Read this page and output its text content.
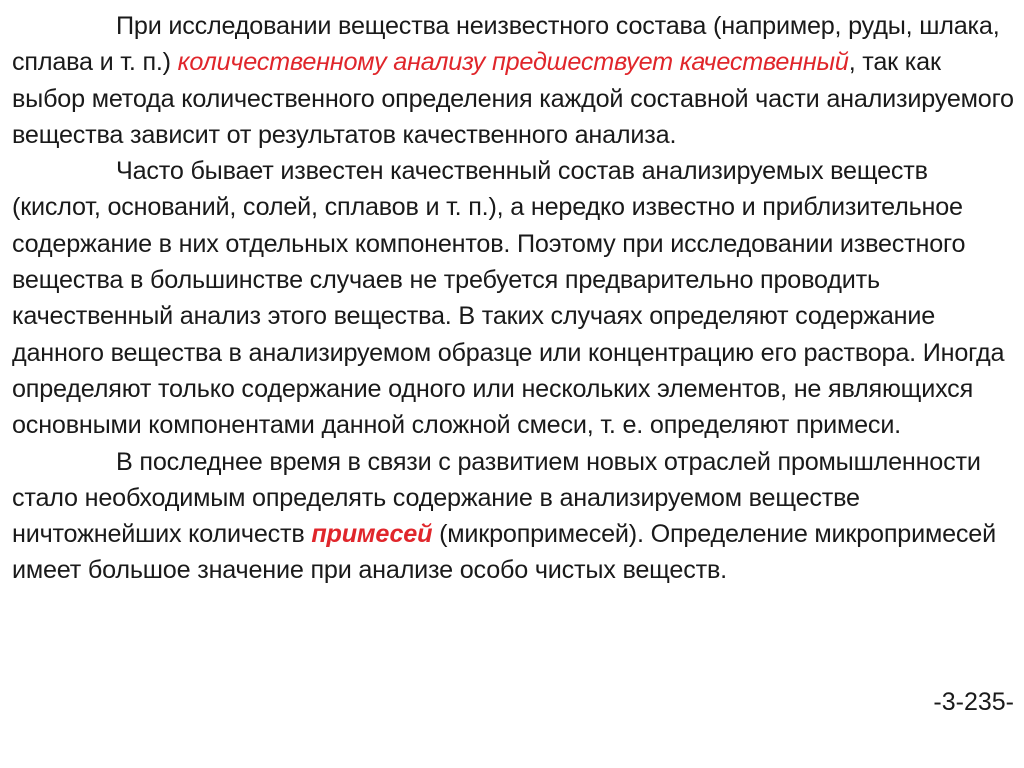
При исследовании вещества неизвестного состава (например, руды, шлака, сплава и т. п.) количественному анализу предшествует качественный, так как выбор метода количественного определения каждой составной части анализируемого вещества зависит от результатов качественного анализа.

Часто бывает известен качественный состав анализируемых веществ (кислот, оснований, солей, сплавов и т. п.), а нередко известно и приблизительное содержание в них отдельных компонентов. Поэтому при исследовании известного вещества в большинстве случаев не требуется предварительно проводить качественный анализ этого вещества. В таких случаях определяют содержание данного вещества в анализируемом образце или концентрацию его раствора. Иногда определяют только содержание одного или нескольких элементов, не являющихся основными компонентами данной сложной смеси, т. е. определяют примеси.

В последнее время в связи с развитием новых отраслей промышленности стало необходимым определять содержание в анализируемом веществе ничтожнейших количеств примесей (микропримесей). Определение микропримесей имеет большое значение при анализе особо чистых веществ.

-3-235-
